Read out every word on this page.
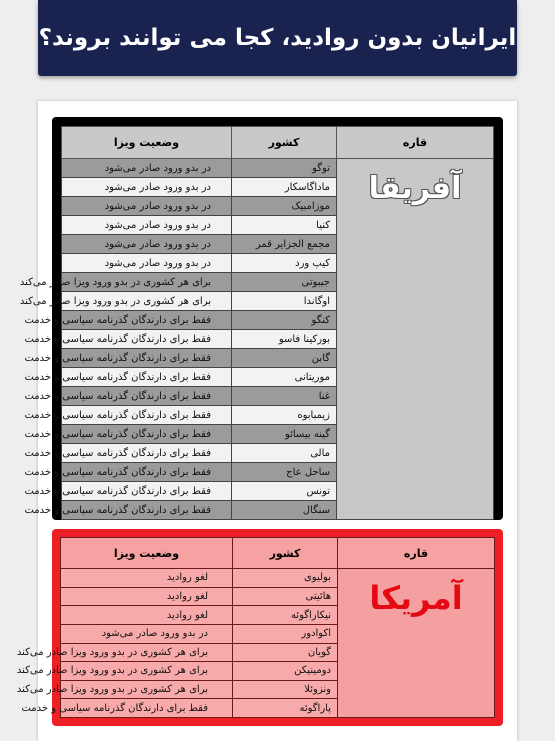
ایرانیان بدون روادید، کجا می توانند بروند؟
قاره	کشور	وضعیت ویزا

آفریقا	توگو	در بدو ورود صادر می‌شود
	ماداگاسکار	در بدو ورود صادر می‌شود
	موزامبیک	در بدو ورود صادر می‌شود
	کنیا	در بدو ورود صادر می‌شود
	مجمع الجزایر قمر	در بدو ورود صادر می‌شود
	کیپ ورد	در بدو ورود صادر می‌شود
	جیبوتی	برای هر کشوری در بدو ورود ویزا صادر می‌کند
	اوگاندا	برای هر کشوری در بدو ورود ویزا صادر می‌کند
	کنگو	فقط برای دارندگان گذرنامه سیاسی و خدمت
	بورکینا فاسو	فقط برای دارندگان گذرنامه سیاسی و خدمت
	گابن	فقط برای دارندگان گذرنامه سیاسی و خدمت
	موریتانی	فقط برای دارندگان گذرنامه سیاسی و خدمت
	غنا	فقط برای دارندگان گذرنامه سیاسی و خدمت
	زیمبابوه	فقط برای دارندگان گذرنامه سیاسی و خدمت
	گینه بیسائو	فقط برای دارندگان گذرنامه سیاسی و خدمت
	مالی	فقط برای دارندگان گذرنامه سیاسی و خدمت
	ساحل عاج	فقط برای دارندگان گذرنامه سیاسی و خدمت
	تونس	فقط برای دارندگان گذرنامه سیاسی و خدمت
	سنگال	فقط برای دارندگان گذرنامه سیاسی و خدمت
قاره	کشور	وضعیت ویزا

آمریکا	بولیوی	لغو روادید
	هائیتی	لغو روادید
	نیکاراگوئه	لغو روادید
	اکوادور	در بدو ورود صادر می‌شود
	گویان	برای هر کشوری در بدو ورود ویزا صادر می‌کند
	دومینیکن	برای هر کشوری در بدو ورود ویزا صادر می‌کند
	ونزوئلا	برای هر کشوری در بدو ورود ویزا صادر می‌کند
	پاراگوئه	فقط برای دارندگان گذرنامه سیاسی و خدمت
